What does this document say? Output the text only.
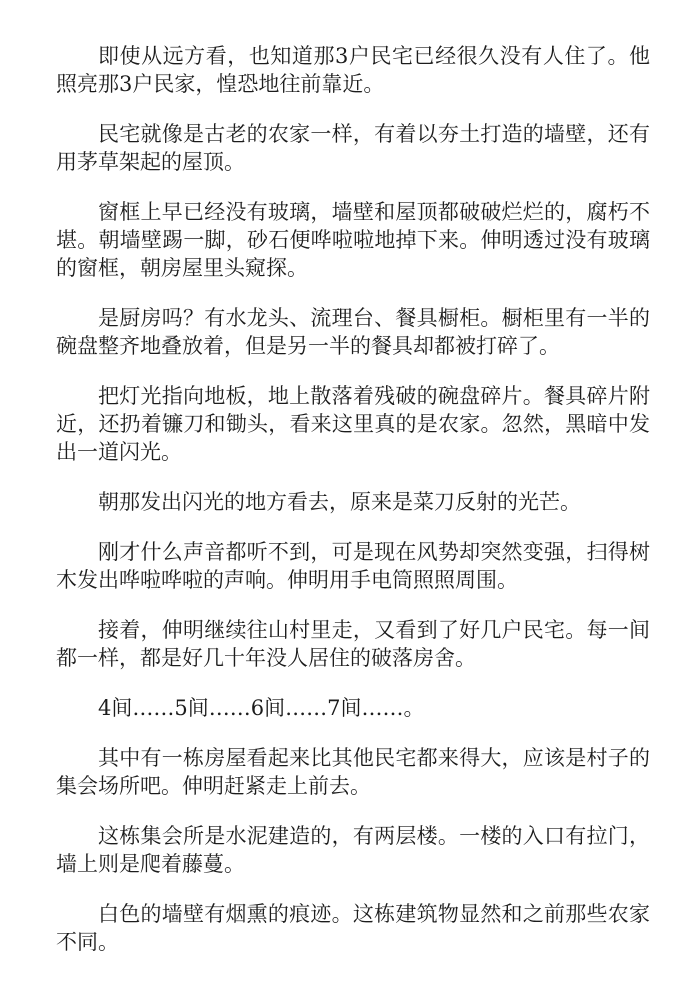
即使从远方看，也知道那3户民宅已经很久没有人住了。他照亮那3户民家，惶恐地往前靠近。

民宅就像是古老的农家一样，有着以夯土打造的墙壁，还有用茅草架起的屋顶。

窗框上早已经没有玻璃，墙壁和屋顶都破破烂烂的，腐朽不堪。朝墙壁踢一脚，砂石便哗啦啦地掉下来。伸明透过没有玻璃的窗框，朝房屋里头窥探。

是厨房吗？有水龙头、流理台、餐具橱柜。橱柜里有一半的碗盘整齐地叠放着，但是另一半的餐具却都被打碎了。

把灯光指向地板，地上散落着残破的碗盘碎片。餐具碎片附近，还扔着镰刀和锄头，看来这里真的是农家。忽然，黑暗中发出一道闪光。

朝那发出闪光的地方看去，原来是菜刀反射的光芒。

刚才什么声音都听不到，可是现在风势却突然变强，扫得树木发出哗啦哗啦的声响。伸明用手电筒照照周围。

接着，伸明继续往山村里走，又看到了好几户民宅。每一间都一样，都是好几十年没人居住的破落房舍。

4间……5间……6间……7间……。

其中有一栋房屋看起来比其他民宅都来得大，应该是村子的集会场所吧。伸明赶紧走上前去。

这栋集会所是水泥建造的，有两层楼。一楼的入口有拉门，墙上则是爬着藤蔓。

白色的墙壁有烟熏的痕迹。这栋建筑物显然和之前那些农家不同。
